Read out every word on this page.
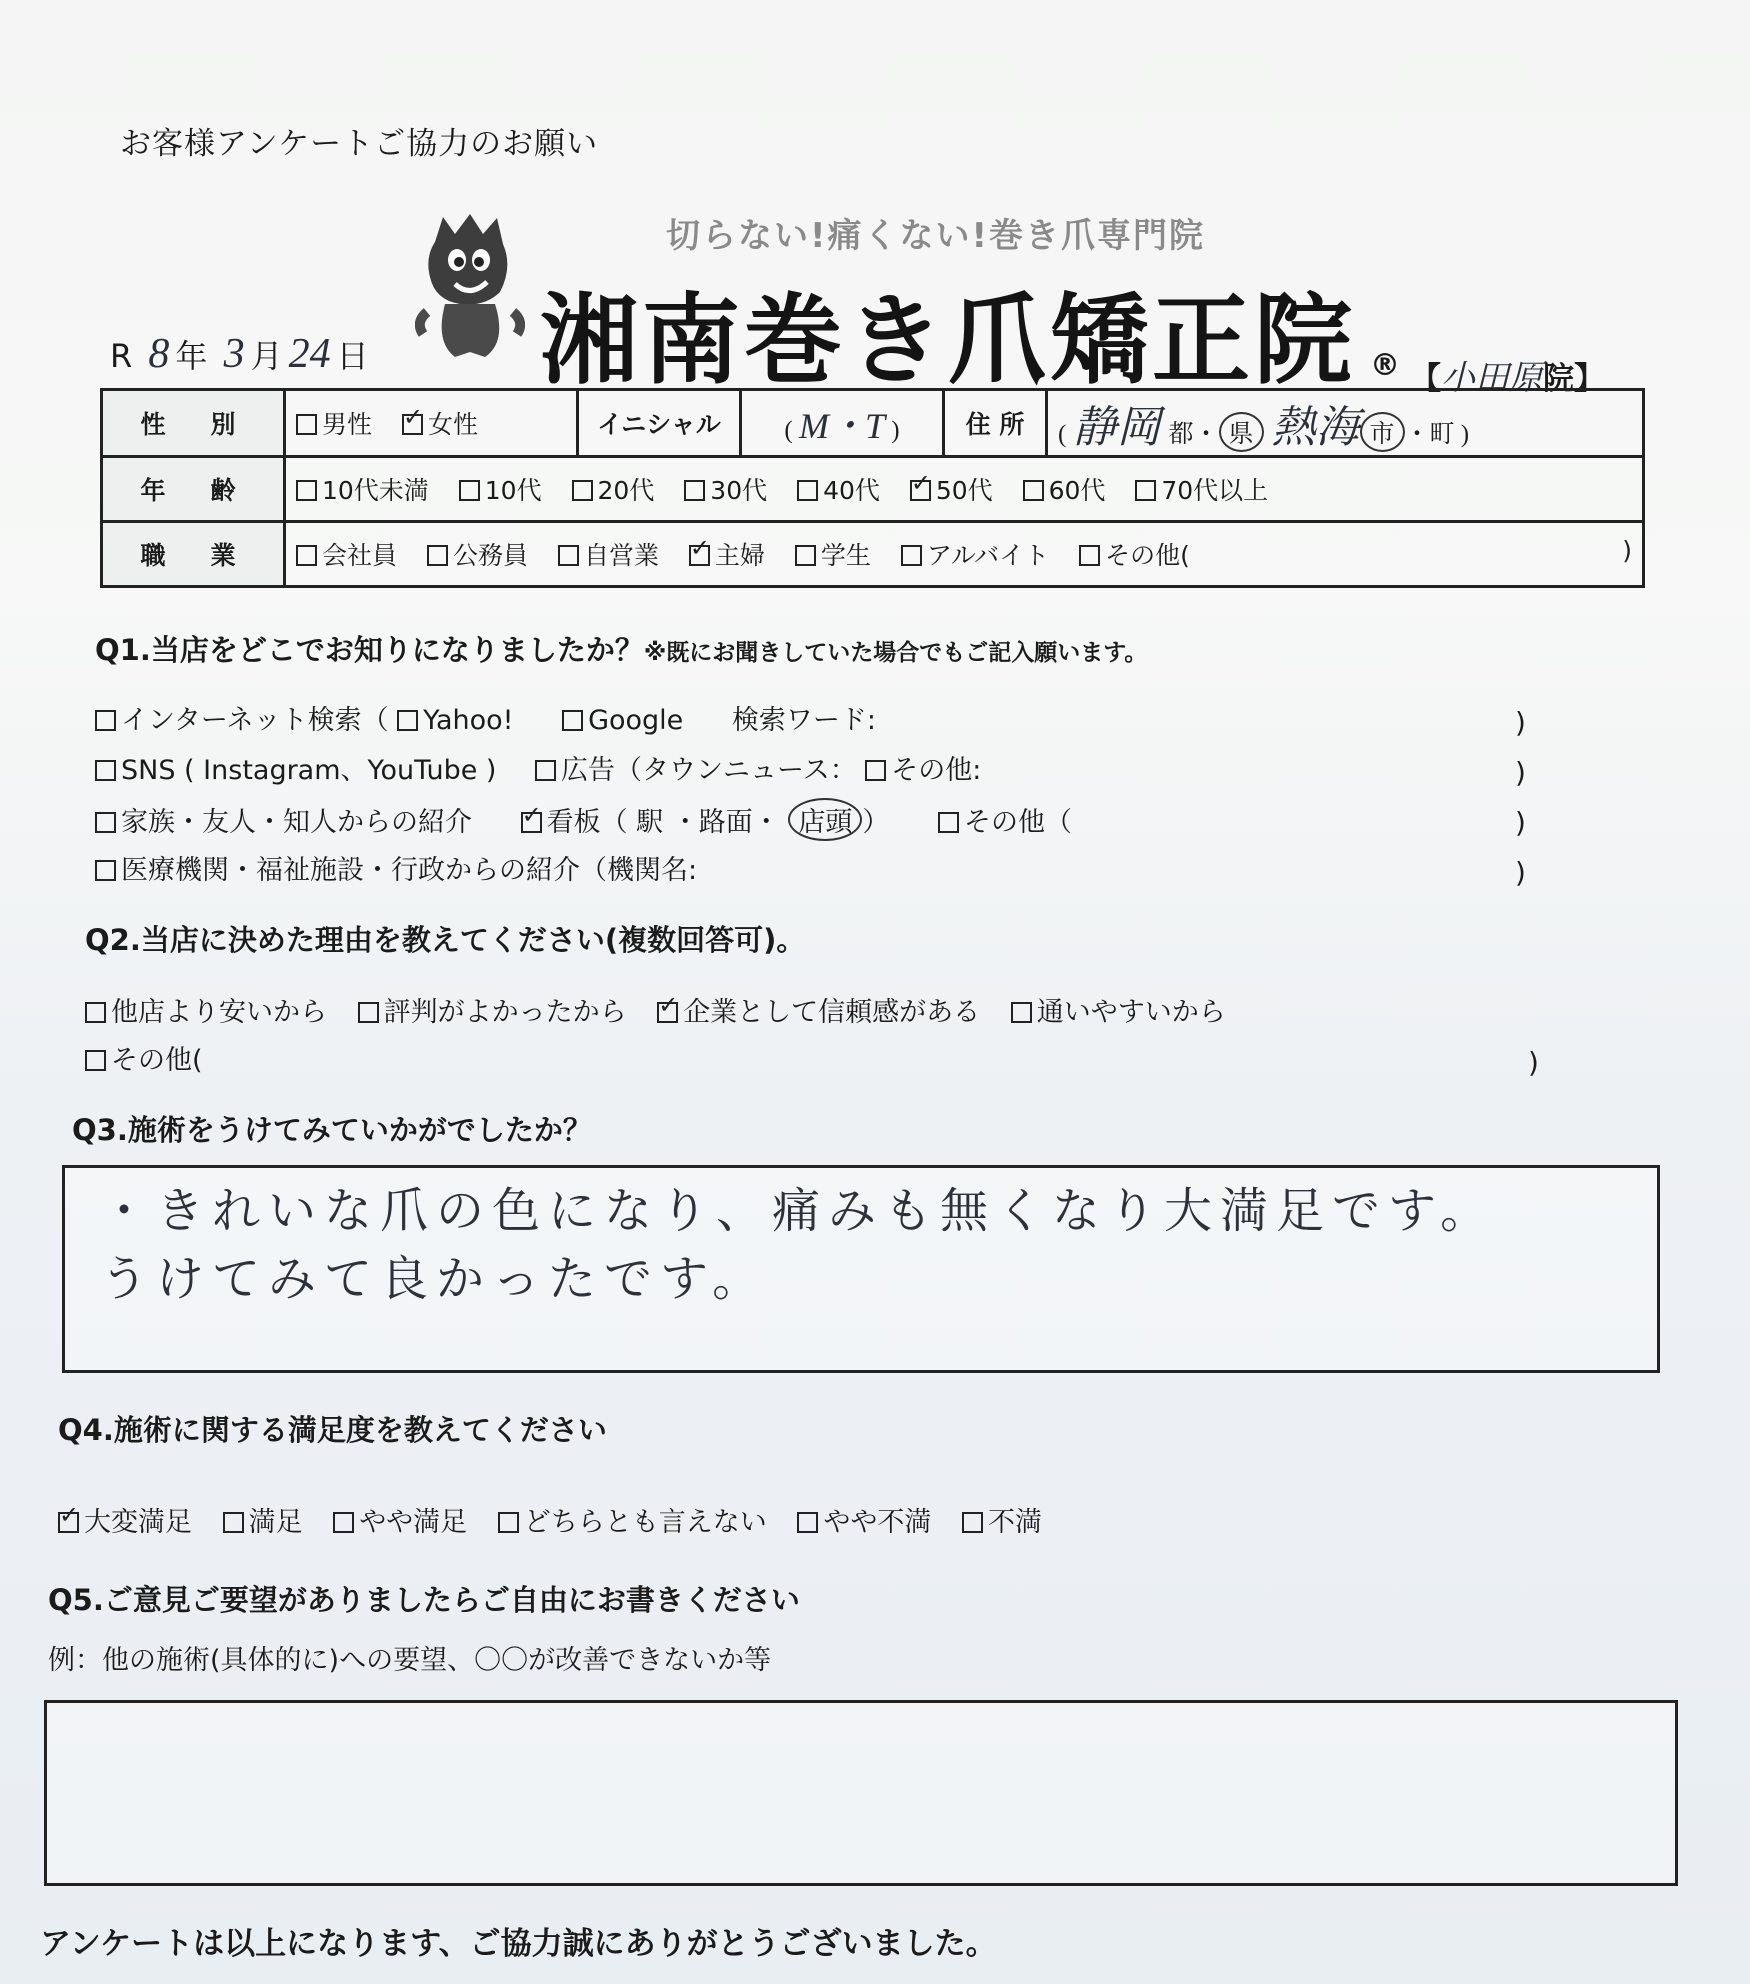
お客様アンケートご協力のお願い
切らない!痛くない!巻き爪専門院
湘南巻き爪矯正院 ® 【小田原院】
R 8 年 3 月 24 日
性　別	男性 ✓ 女性	イニシャル	( M・T )	住 所	( 静岡 都・ 県 熱海 市 ・町 )
年　齢	10代未満 10代 20代 30代 40代 ✓ 50代 60代 70代以上
職　業	会社員 公務員 自営業 ✓ 主婦 学生 アルバイト その他( )
Q1.当店をどこでお知りになりましたか？※既にお聞きしていた場合でもご記入願います。
インターネット検索（ Yahoo!	Google 検索ワード:	)
SNS ( Instagram、YouTube ) 広告（タウンニュース： その他:	)
家族・友人・知人からの紹介 ✓	看板（ 駅 ・路面・ 店頭 ）	その他（	)
医療機関・福祉施設・行政からの紹介（機関名:	)
Q2.当店に決めた理由を教えてください(複数回答可)。
他店より安いから 評判がよかったから ✓ 企業として信頼感がある 通いやすいから
その他(	)
Q3.施術をうけてみていかがでしたか？
・きれいな爪の色になり、痛みも無くなり大満足です。
うけてみて良かったです。
Q4.施術に関する満足度を教えてください
✓大変満足 満足 やや満足 どちらとも言えない やや不満 不満
Q5.ご意見ご要望がありましたらご自由にお書きください
例：他の施術(具体的に)への要望、〇〇が改善できないか等
アンケートは以上になります、ご協力誠にありがとうございました。
